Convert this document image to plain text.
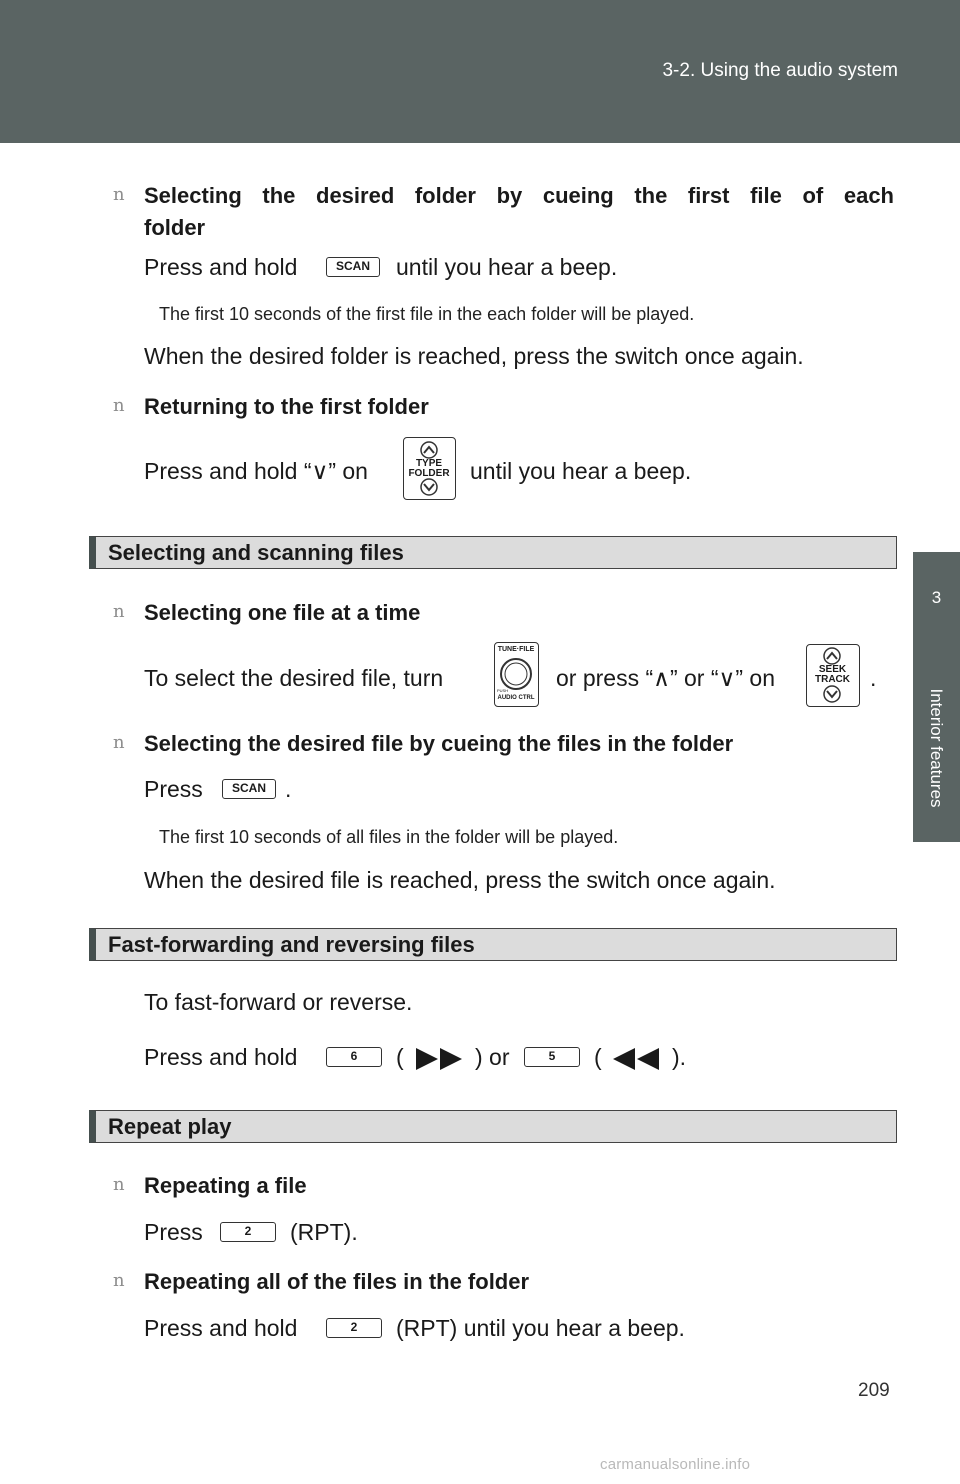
3-2. Using the audio system
3
Interior features
n Selecting the desired folder by cueing the first file of each
folder
Press and hold	SCAN	until you hear a beep.
The first 10 seconds of the first file in the each folder will be played.
When the desired folder is reached, press the switch once again.
n Returning to the first folder
Press and hold “∨” on	TYPE
FOLDER until you hear a beep.
Selecting and scanning files
n Selecting one file at a time
To select the desired file, turn
TUNE·FILE
PUSH
AUDIO CTRL
or press “∧” or “∨” on	SEEK
TRACK .
n Selecting the desired file by cueing the files in the folder
Press	SCAN .
The first 10 seconds of all files in the folder will be played.
When the desired file is reached, press the switch once again.
Fast-forwarding and reversing files
To fast-forward or reverse.
Press and hold	6	(	) or	5	(	).
Repeat play
n Repeating a file
Press	2	(RPT).
n Repeating all of the files in the folder
Press and hold	2	(RPT) until you hear a beep.
209
carmanualsonline.info
